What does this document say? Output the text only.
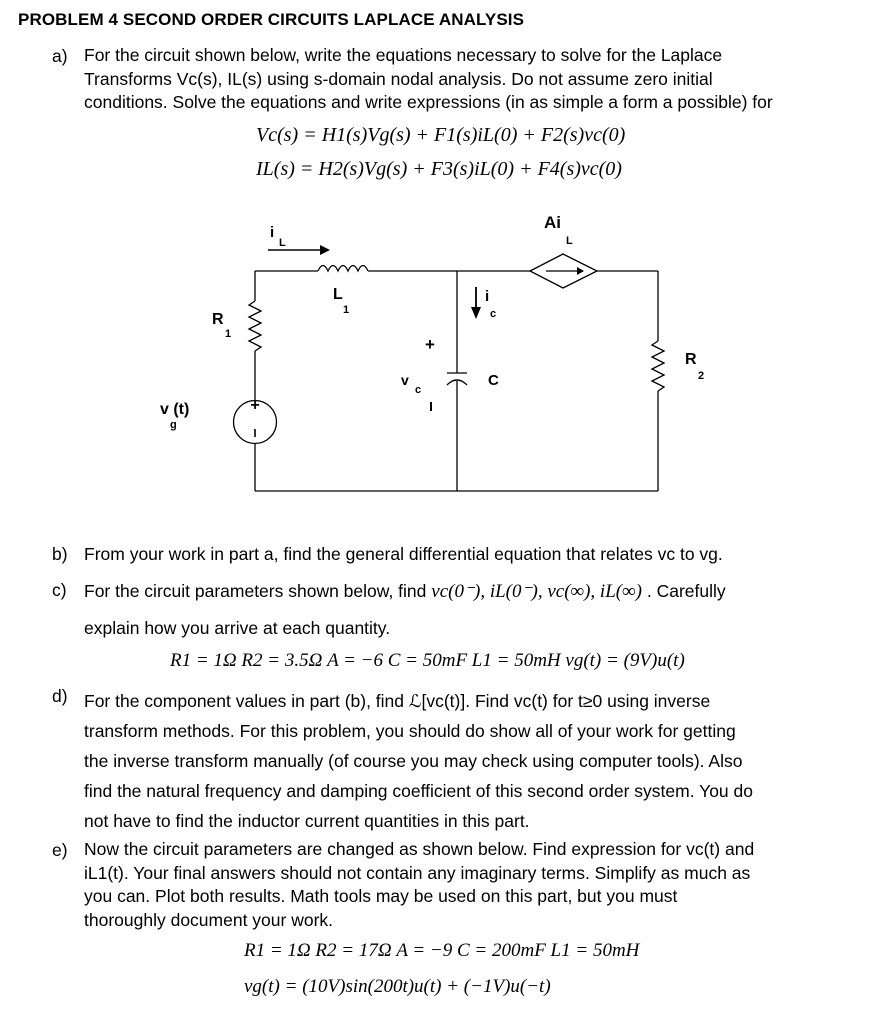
PROBLEM 4 SECOND ORDER CIRCUITS LAPLACE ANALYSIS
a) For the circuit shown below, write the equations necessary to solve for the Laplace
Transforms Vc(s), IL(s) using s-domain nodal analysis. Do not assume zero initial
conditions. Solve the equations and write expressions (in as simple a form a possible) for
Vc(s) = H1(s)Vg(s) + F1(s)iL(0) + F2(s)vc(0)
IL(s) = H2(s)Vg(s) + F3(s)iL(0) + F4(s)vc(0)
+
i
L
Ai
L
L
1
i
c
R
1
R
2
+
v
c
C
v (t)
g
b) From your work in part a, find the general differential equation that relates vc to vg.
c) For the circuit parameters shown below, find vc(0⁻), iL(0⁻), vc(∞), iL(∞) . Carefully
explain how you arrive at each quantity.
R1 = 1Ω R2 = 3.5Ω A = −6 C = 50mF L1 = 50mH vg(t) = (9V)u(t)
d) For the component values in part (b), find ℒ[vc(t)]. Find vc(t) for t≥0 using inverse
transform methods. For this problem, you should do show all of your work for getting
the inverse transform manually (of course you may check using computer tools). Also
find the natural frequency and damping coefficient of this second order system. You do
not have to find the inductor current quantities in this part.
e) Now the circuit parameters are changed as shown below. Find expression for vc(t) and
iL1(t). Your final answers should not contain any imaginary terms. Simplify as much as
you can. Plot both results. Math tools may be used on this part, but you must
thoroughly document your work.
R1 = 1Ω R2 = 17Ω A = −9 C = 200mF L1 = 50mH
vg(t) = (10V)sin(200t)u(t) + (−1V)u(−t)
